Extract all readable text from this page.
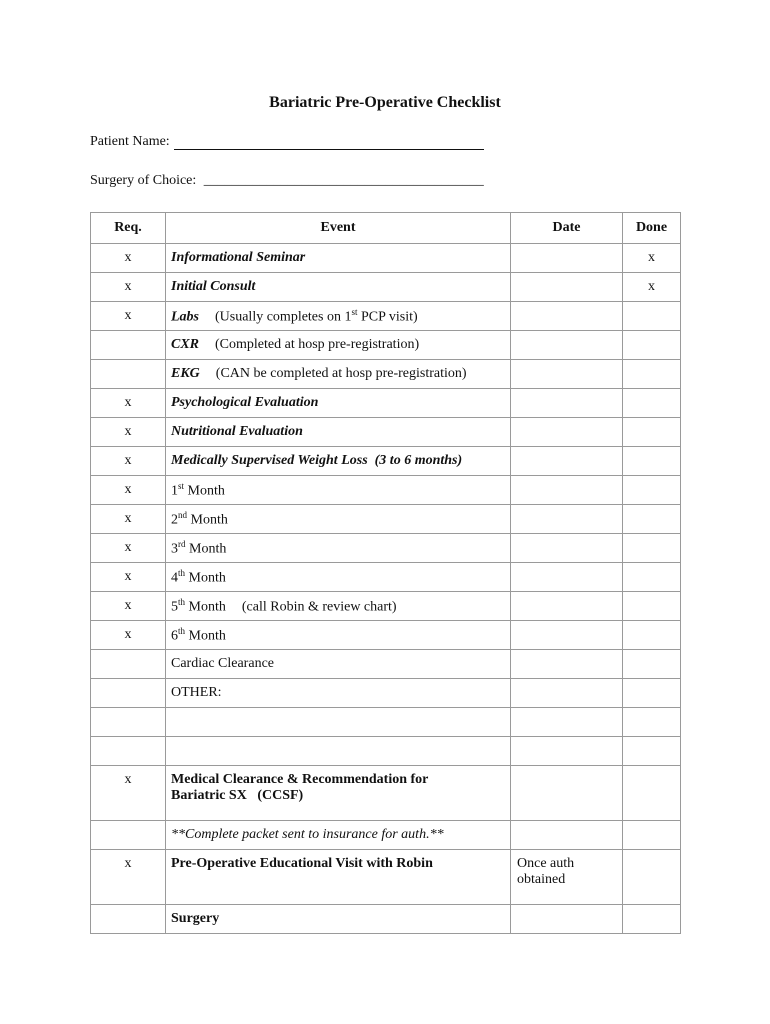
Bariatric Pre-Operative Checklist
Patient Name:
Surgery of Choice: ________________________________________
Req.	Event	Date	Done
x	Informational Seminar		x
x	Initial Consult		x
x	Labs (Usually completes on 1st PCP visit)		
	CXR (Completed at hosp pre-registration)		
	EKG (CAN be completed at hosp pre-registration)		
x	Psychological Evaluation		
x	Nutritional Evaluation		
x	Medically Supervised Weight Loss  (3 to 6 months)		
x	1st Month		
x	2nd Month		
x	3rd Month		
x	4th Month		
x	5th Month (call Robin & review chart)		
x	6th Month		
	Cardiac Clearance		
	OTHER:		

x	Medical Clearance & Recommendation for
Bariatric SX   (CCSF)		

	**Complete packet sent to insurance for auth.**		
x	Pre-Operative Educational Visit with Robin	Once auth
obtained	

	Surgery		
